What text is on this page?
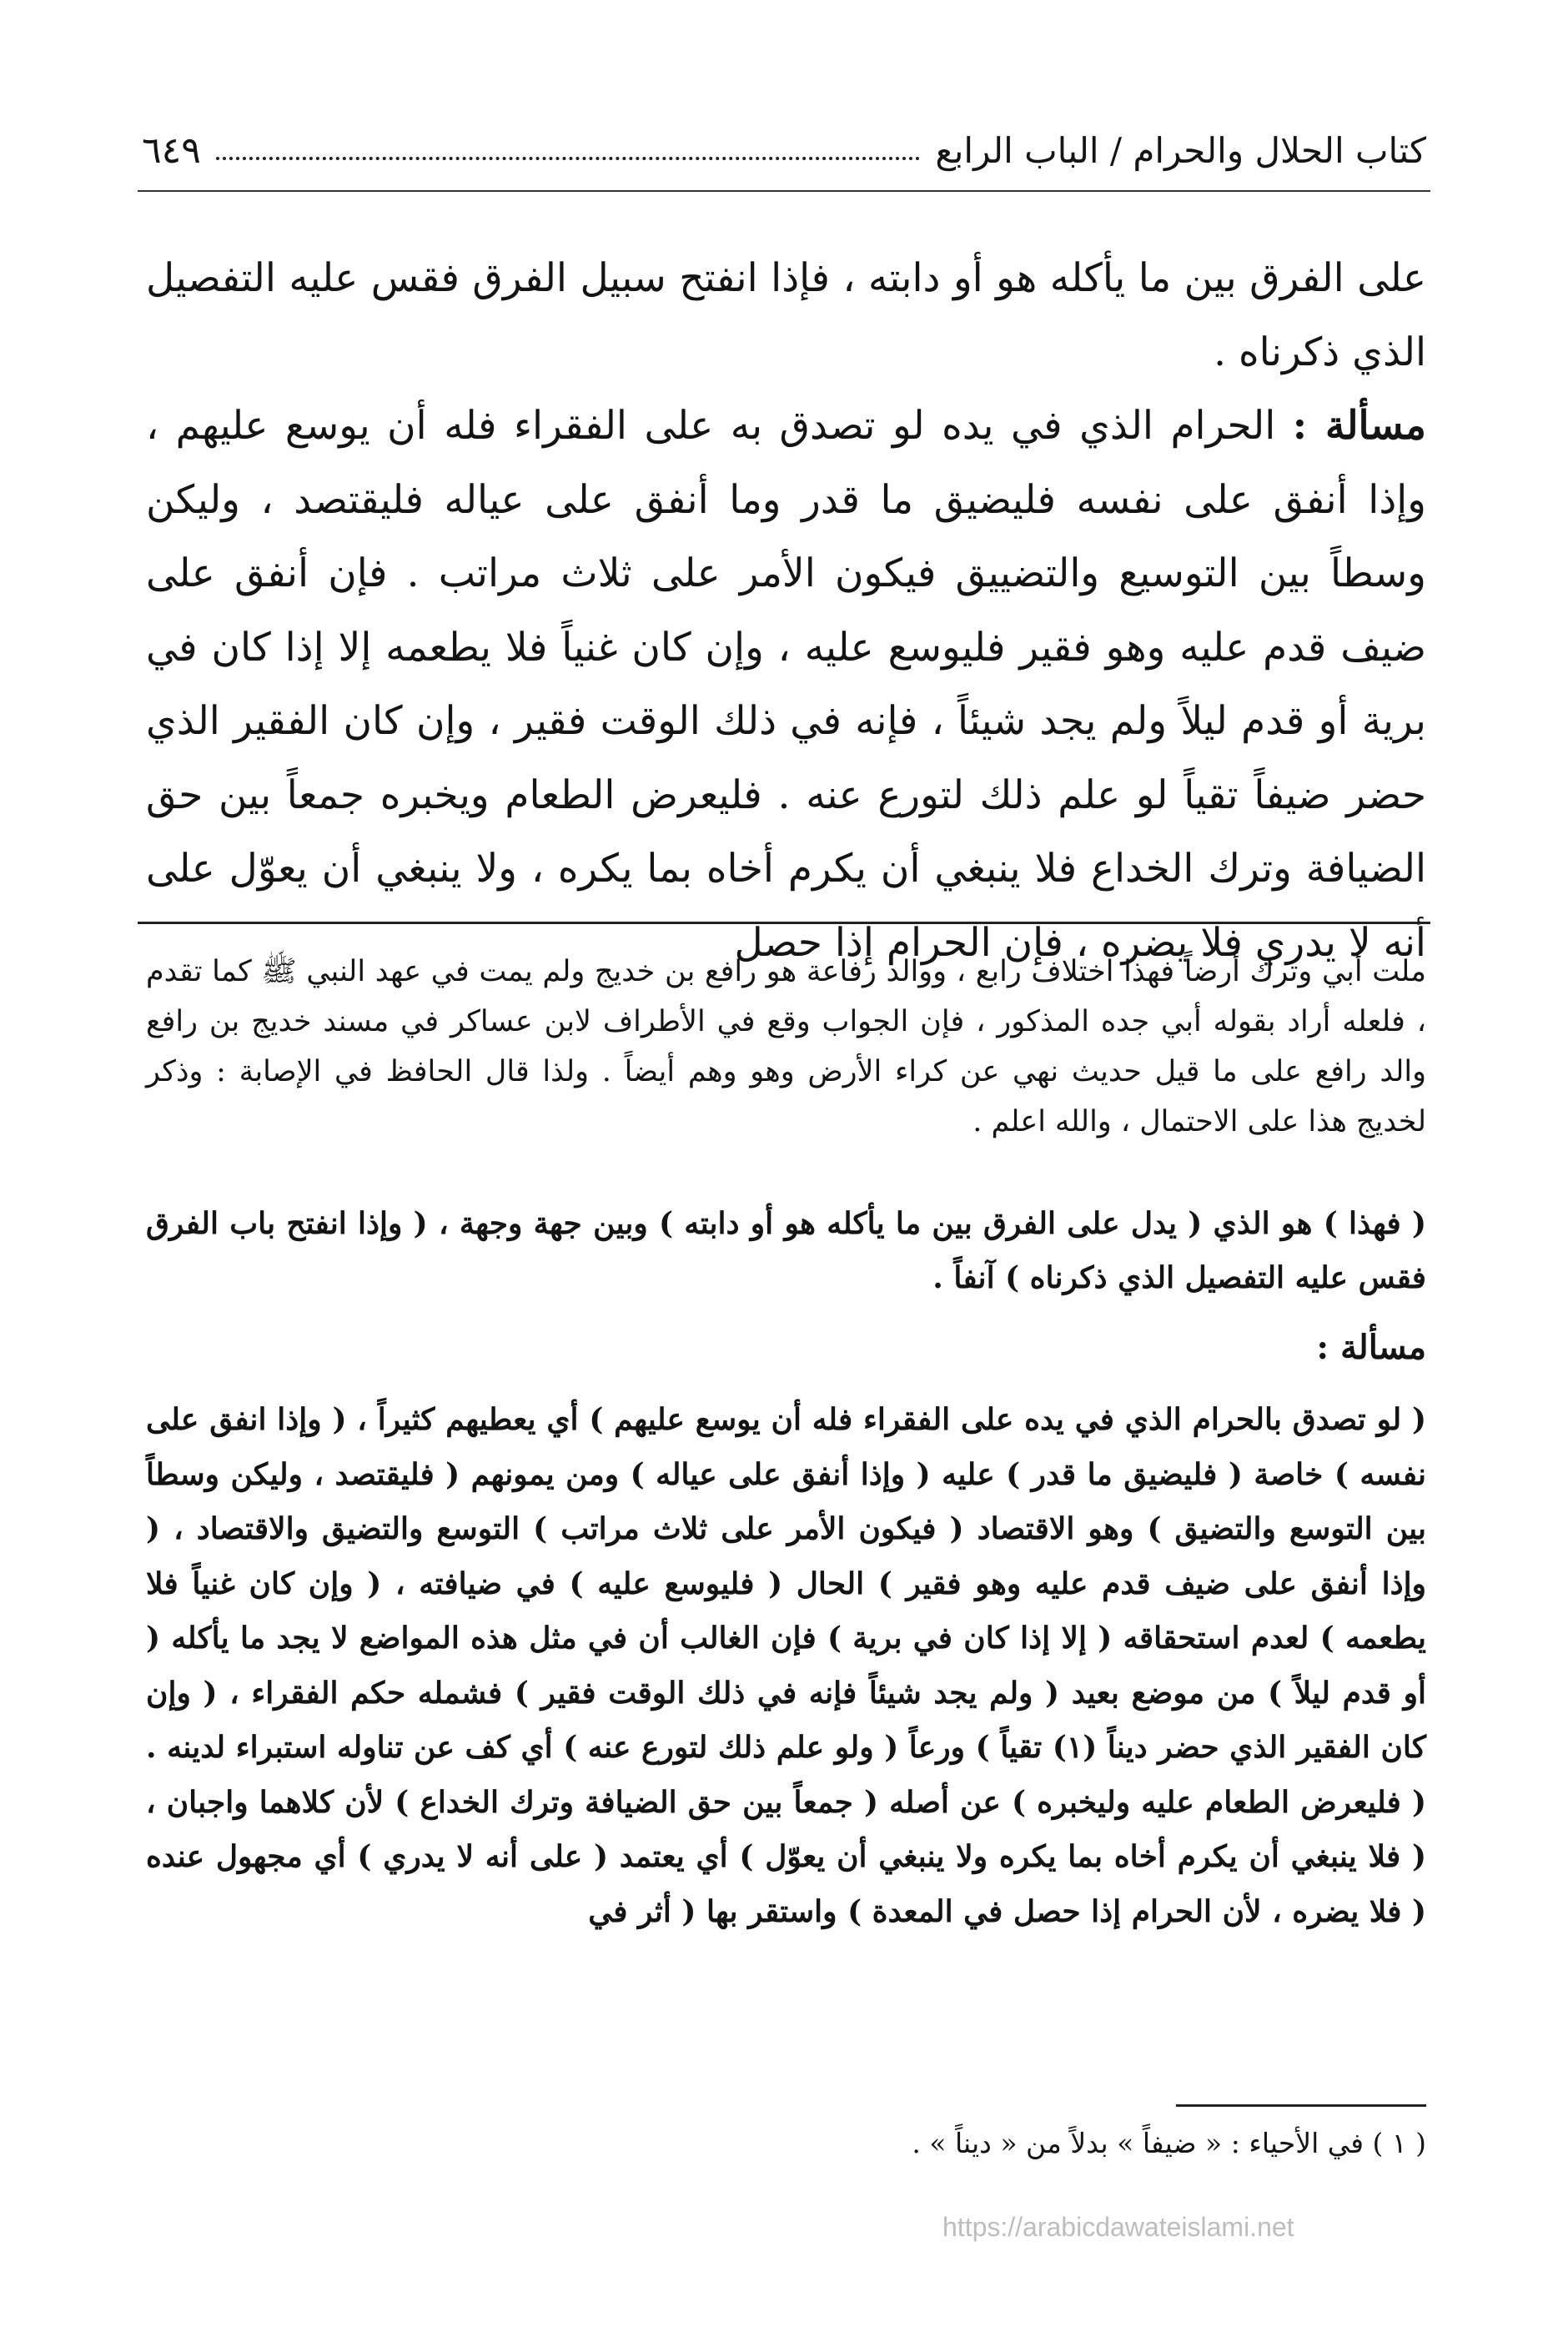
كتاب الحلال والحرام / الباب الرابع
٦٤٩

على الفرق بين ما يأكله هو أو دابته ، فإذا انفتح سبيل الفرق فقس عليه التفصيل الذي ذكرناه .

مسألة : الحرام الذي في يده لو تصدق به على الفقراء فله أن يوسع عليهم ، وإذا أنفق على نفسه فليضيق ما قدر وما أنفق على عياله فليقتصد ، وليكن وسطاً بين التوسيع والتضييق فيكون الأمر على ثلاث مراتب . فإن أنفق على ضيف قدم عليه وهو فقير فليوسع عليه ، وإن كان غنياً فلا يطعمه إلا إذا كان في برية أو قدم ليلاً ولم يجد شيئاً ، فإنه في ذلك الوقت فقير ، وإن كان الفقير الذي حضر ضيفاً تقياً لو علم ذلك لتورع عنه . فليعرض الطعام ويخبره جمعاً بين حق الضيافة وترك الخداع فلا ينبغي أن يكرم أخاه بما يكره ، ولا ينبغي أن يعوّل على أنه لا يدري فلا يضره ، فإن الحرام إذا حصل

ملت أبي وترك أرضاً فهذا اختلاف رابع ، ووالد رفاعة هو رافع بن خديج ولم يمت في عهد النبي ﷺ كما تقدم ، فلعله أراد بقوله أبي جده المذكور ، فإن الجواب وقع في الأطراف لابن عساكر في مسند خديج بن رافع والد رافع على ما قيل حديث نهي عن كراء الأرض وهو وهم أيضاً . ولذا قال الحافظ في الإصابة : وذكر لخديج هذا على الاحتمال ، والله اعلم .

( فهذا ) هو الذي ( يدل على الفرق بين ما يأكله هو أو دابته ) وبين جهة وجهة ، ( وإذا انفتح باب الفرق فقس عليه التفصيل الذي ذكرناه ) آنفاً .

مسألة :

( لو تصدق بالحرام الذي في يده على الفقراء فله أن يوسع عليهم ) أي يعطيهم كثيراً ، ( وإذا انفق على نفسه ) خاصة ( فليضيق ما قدر ) عليه ( وإذا أنفق على عياله ) ومن يمونهم ( فليقتصد ، وليكن وسطاً بين التوسع والتضيق ) وهو الاقتصاد ( فيكون الأمر على ثلاث مراتب ) التوسع والتضيق والاقتصاد ، ( وإذا أنفق على ضيف قدم عليه وهو فقير ) الحال ( فليوسع عليه ) في ضيافته ، ( وإن كان غنياً فلا يطعمه ) لعدم استحقاقه ( إلا إذا كان في برية ) فإن الغالب أن في مثل هذه المواضع لا يجد ما يأكله ( أو قدم ليلاً ) من موضع بعيد ( ولم يجد شيئاً فإنه في ذلك الوقت فقير ) فشمله حكم الفقراء ، ( وإن كان الفقير الذي حضر ديناً (١) تقياً ) ورعاً ( ولو علم ذلك لتورع عنه ) أي كف عن تناوله استبراء لدينه . ( فليعرض الطعام عليه وليخبره ) عن أصله ( جمعاً بين حق الضيافة وترك الخداع ) لأن كلاهما واجبان ، ( فلا ينبغي أن يكرم أخاه بما يكره ولا ينبغي أن يعوّل ) أي يعتمد ( على أنه لا يدري ) أي مجهول عنده ( فلا يضره ، لأن الحرام إذا حصل في المعدة ) واستقر بها ( أثر في

( ١ ) في الأحياء : « ضيفاً » بدلاً من « ديناً » .
https://arabicdawateislami.net
